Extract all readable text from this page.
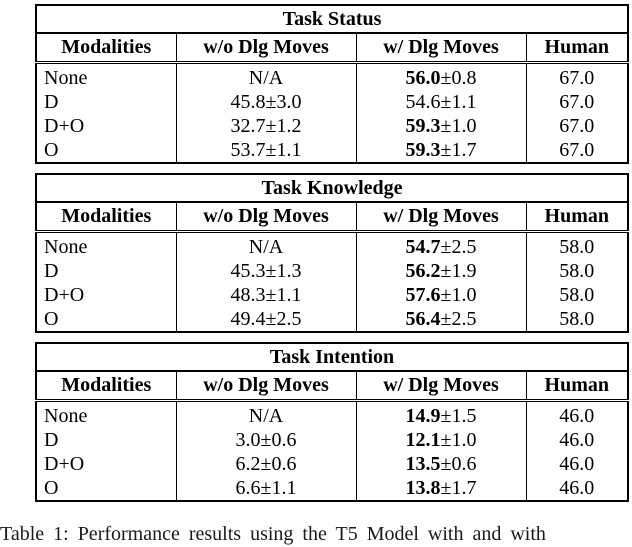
Task Status			
Modalities	w/o Dlg Moves	w/ Dlg Moves	Human
None	N/A	56.0±0.8	67.0
D	45.8±3.0	54.6±1.1	67.0
D+O	32.7±1.2	59.3±1.0	67.0
O	53.7±1.1	59.3±1.7	67.0
Task Knowledge			
Modalities	w/o Dlg Moves	w/ Dlg Moves	Human
None	N/A	54.7±2.5	58.0
D	45.3±1.3	56.2±1.9	58.0
D+O	48.3±1.1	57.6±1.0	58.0
O	49.4±2.5	56.4±2.5	58.0
Task Intention			
Modalities	w/o Dlg Moves	w/ Dlg Moves	Human
None	N/A	14.9±1.5	46.0
D	3.0±0.6	12.1±1.0	46.0
D+O	6.2±0.6	13.5±0.6	46.0
O	6.6±1.1	13.8±1.7	46.0
Table 1: Performance results using the T5 Model with and with
